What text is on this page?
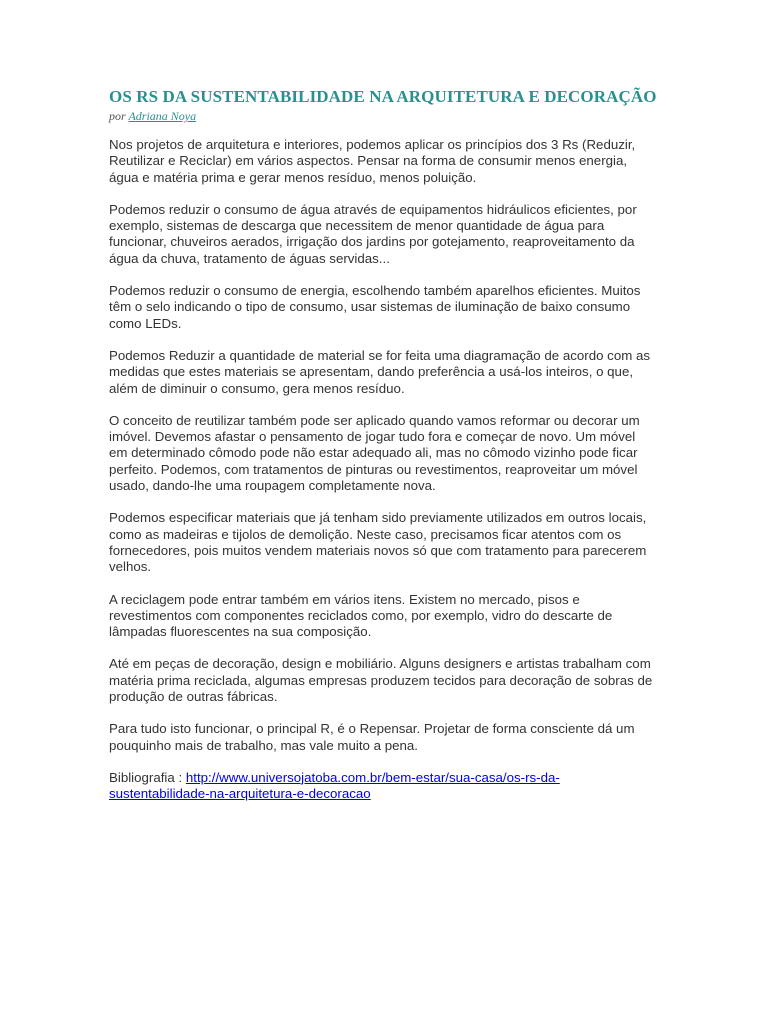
OS RS DA SUSTENTABILIDADE NA ARQUITETURA E DECORAÇÃO
por Adriana Noya

Nos projetos de arquitetura e interiores, podemos aplicar os princípios dos 3 Rs (Reduzir, Reutilizar e Reciclar) em vários aspectos. Pensar na forma de consumir menos energia, água e matéria prima e gerar menos resíduo, menos poluição.

Podemos reduzir o consumo de água através de equipamentos hidráulicos eficientes, por exemplo, sistemas de descarga que necessitem de menor quantidade de água para funcionar, chuveiros aerados, irrigação dos jardins por gotejamento, reaproveitamento da água da chuva, tratamento de águas servidas...

Podemos reduzir o consumo de energia, escolhendo também aparelhos eficientes. Muitos têm o selo indicando o tipo de consumo, usar sistemas de iluminação de baixo consumo como LEDs.

Podemos Reduzir a quantidade de material se for feita uma diagramação de acordo com as medidas que estes materiais se apresentam, dando preferência a usá-los inteiros, o que, além de diminuir o consumo, gera menos resíduo.

O conceito de reutilizar também pode ser aplicado quando vamos reformar ou decorar um imóvel. Devemos afastar o pensamento de jogar tudo fora e começar de novo. Um móvel em determinado cômodo pode não estar adequado ali, mas no cômodo vizinho pode ficar perfeito. Podemos, com tratamentos de pinturas ou revestimentos, reaproveitar um móvel usado, dando-lhe uma roupagem completamente nova.

Podemos especificar materiais que já tenham sido previamente utilizados em outros locais, como as madeiras e tijolos de demolição. Neste caso, precisamos ficar atentos com os fornecedores, pois muitos vendem materiais novos só que com tratamento para parecerem velhos.

A reciclagem pode entrar também em vários itens. Existem no mercado, pisos e revestimentos com componentes reciclados como, por exemplo, vidro do descarte de lâmpadas fluorescentes na sua composição.

Até em peças de decoração, design e mobiliário. Alguns designers e artistas trabalham com matéria prima reciclada, algumas empresas produzem tecidos para decoração de sobras de produção de outras fábricas.

Para tudo isto funcionar, o principal R, é o Repensar. Projetar de forma consciente dá um pouquinho mais de trabalho, mas vale muito a pena.

Bibliografia : http://www.universojatoba.com.br/bem-estar/sua-casa/os-rs-da-
sustentabilidade-na-arquitetura-e-decoracao
